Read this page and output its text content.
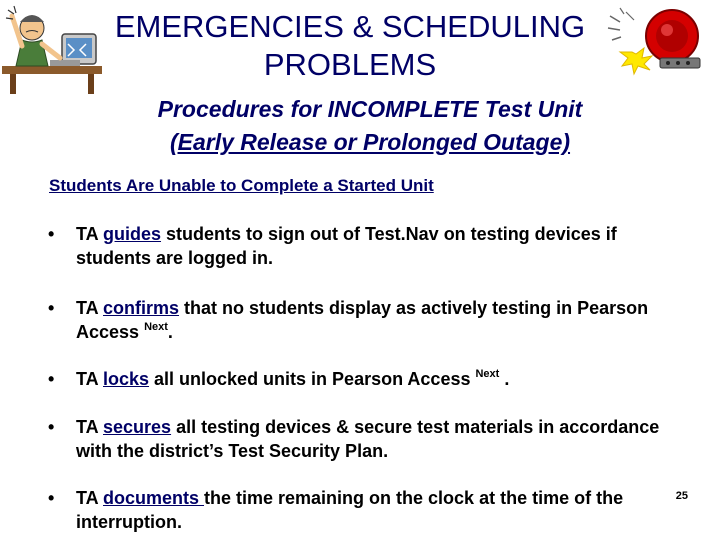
EMERGENCIES & SCHEDULING
PROBLEMS
Procedures for INCOMPLETE Test Unit
(Early Release or Prolonged Outage)
Students Are Unable to Complete a Started Unit
• TA guides students to sign out of Test.Nav on testing devices if students are logged in.
• TA confirms that no students display as actively testing in Pearson Access $^{Next}$.
• TA locks all unlocked units in Pearson Access $^{Next}$ .
• TA secures all testing devices & secure test materials in accordance with the district’s Test Security Plan.
• TA documents the time remaining on the clock at the time of the interruption.
25
